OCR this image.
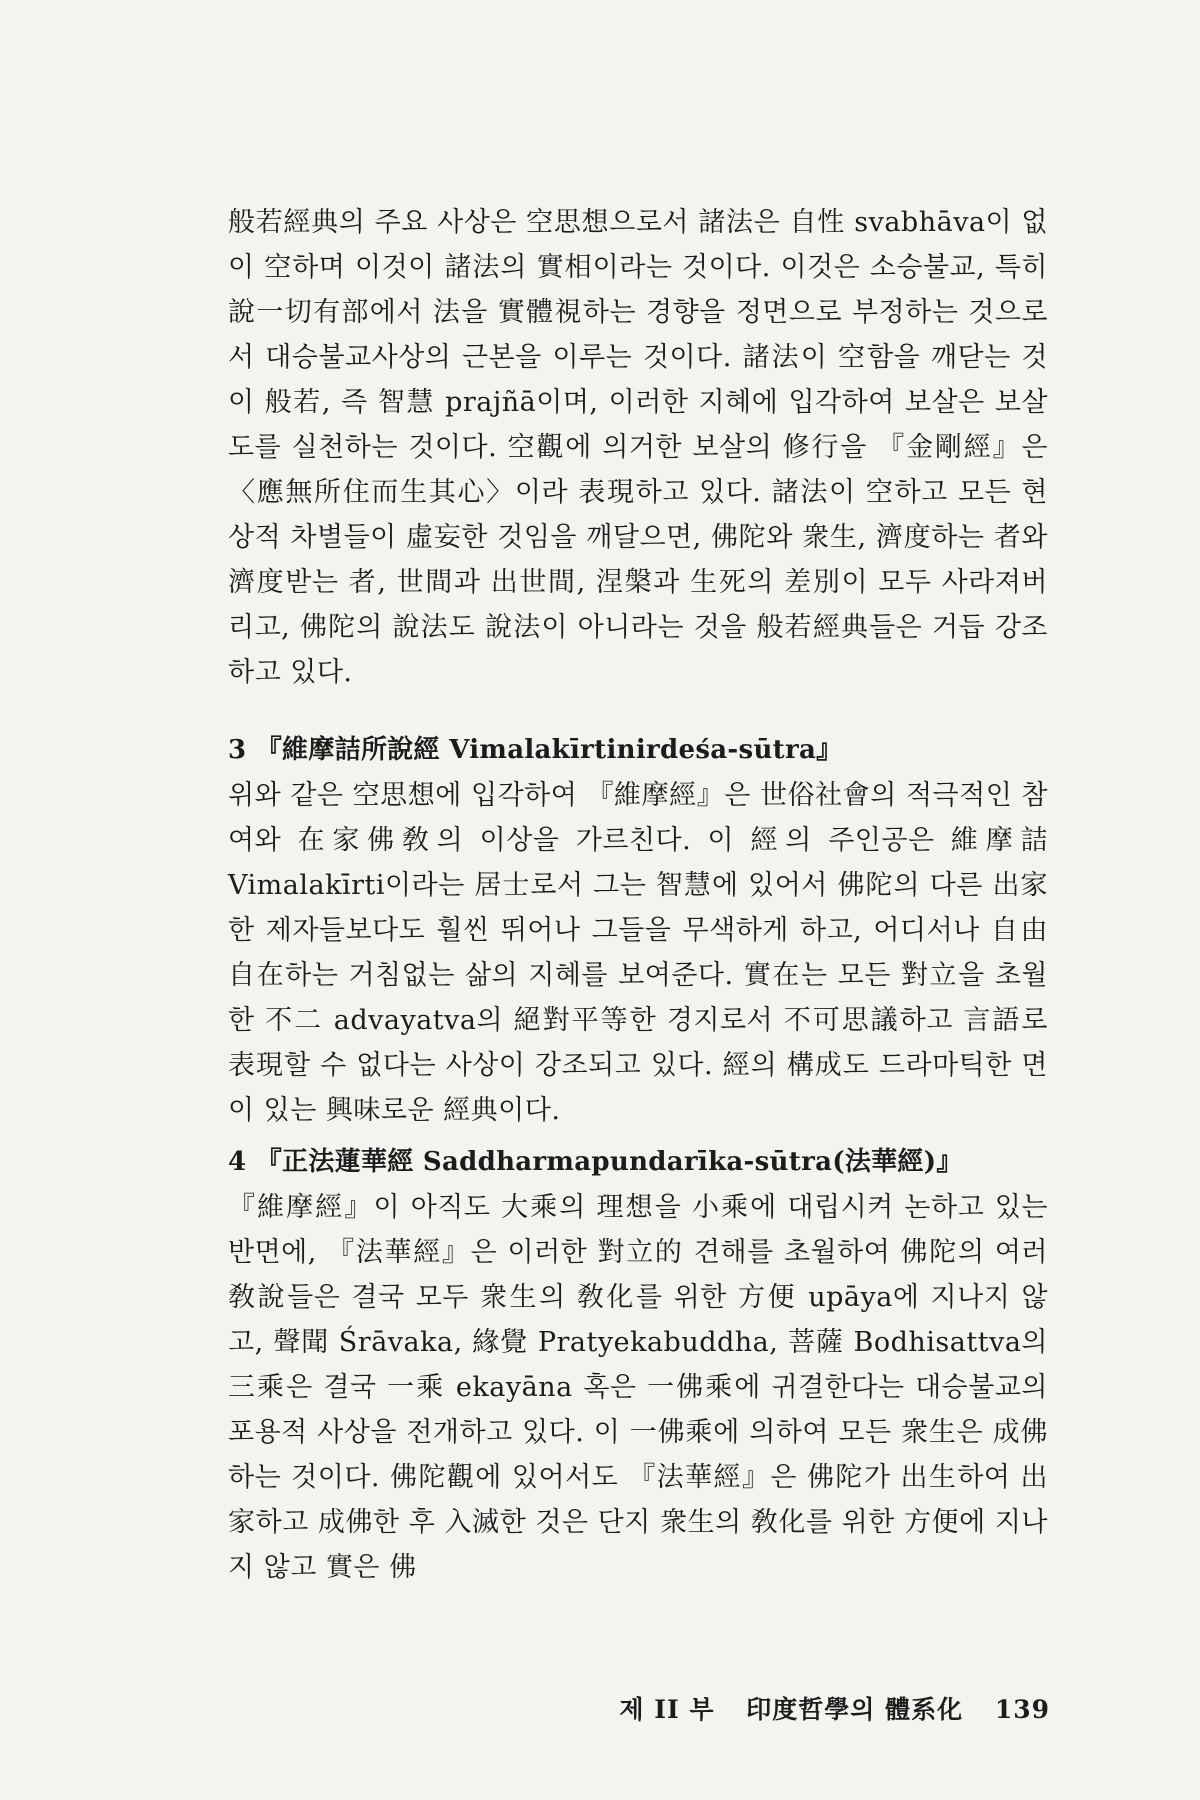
般若經典의 주요 사상은 空思想으로서 諸法은 自性 svabhāva이 없이 空하며 이것이 諸法의 實相이라는 것이다. 이것은 소승불교, 특히 說一切有部에서 法을 實體視하는 경향을 정면으로 부정하는 것으로서 대승불교사상의 근본을 이루는 것이다. 諸法이 空함을 깨닫는 것이 般若, 즉 智慧 prajñā이며, 이러한 지혜에 입각하여 보살은 보살도를 실천하는 것이다. 空觀에 의거한 보살의 修行을 『金剛經』은 〈應無所住而生其心〉이라 表現하고 있다. 諸法이 空하고 모든 현상적 차별들이 虛妄한 것임을 깨달으면, 佛陀와 衆生, 濟度하는 者와 濟度받는 者, 世間과 出世間, 涅槃과 生死의 差別이 모두 사라져버리고, 佛陀의 說法도 說法이 아니라는 것을 般若經典들은 거듭 강조하고 있다.

3 『維摩詰所說經 Vimalakīrtinirdeśa-sūtra』

위와 같은 空思想에 입각하여 『維摩經』은 世俗社會의 적극적인 참여와 在家佛敎의 이상을 가르친다. 이 經의 주인공은 維摩詰 Vimalakīrti이라는 居士로서 그는 智慧에 있어서 佛陀의 다른 出家한 제자들보다도 훨씬 뛰어나 그들을 무색하게 하고, 어디서나 自由自在하는 거침없는 삶의 지혜를 보여준다. 實在는 모든 對立을 초월한 不二 advayatva의 絕對平等한 경지로서 不可思議하고 言語로 表現할 수 없다는 사상이 강조되고 있다. 經의 構成도 드라마틱한 면이 있는 興味로운 經典이다.

4 『正法蓮華經 Saddharmapundarīka-sūtra(法華經)』

『維摩經』이 아직도 大乘의 理想을 小乘에 대립시켜 논하고 있는 반면에, 『法華經』은 이러한 對立的 견해를 초월하여 佛陀의 여러 敎說들은 결국 모두 衆生의 敎化를 위한 方便 upāya에 지나지 않고, 聲聞 Śrāvaka, 緣覺 Pratyekabuddha, 菩薩 Bodhisattva의 三乘은 결국 一乘 ekayāna 혹은 一佛乘에 귀결한다는 대승불교의 포용적 사상을 전개하고 있다. 이 一佛乘에 의하여 모든 衆生은 成佛하는 것이다. 佛陀觀에 있어서도 『法華經』은 佛陀가 出生하여 出家하고 成佛한 후 入滅한 것은 단지 衆生의 敎化를 위한 方便에 지나지 않고 實은 佛

제 II 부 印度哲學의 體系化 139
